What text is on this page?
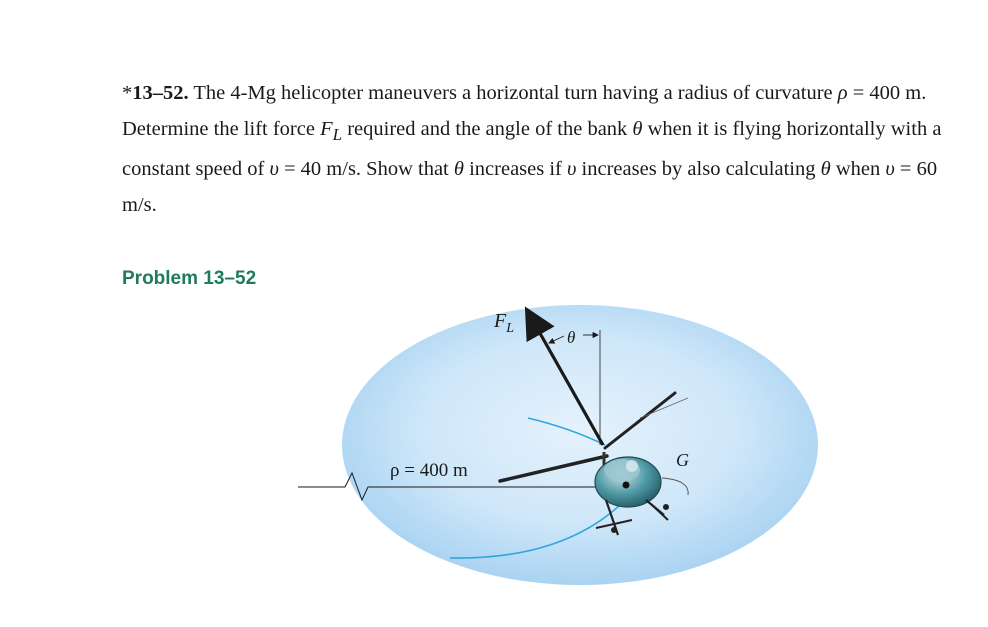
*13–52. The 4-Mg helicopter maneuvers a horizontal turn having a radius of curvature ρ = 400 m. Determine the lift force $F_L$ required and the angle of the bank θ when it is flying horizontally with a constant speed of υ = 40 m/s. Show that θ increases if υ increases by also calculating θ when υ = 60 m/s.
Problem 13–52
$F_L$	θ
ρ = 400 m	G
